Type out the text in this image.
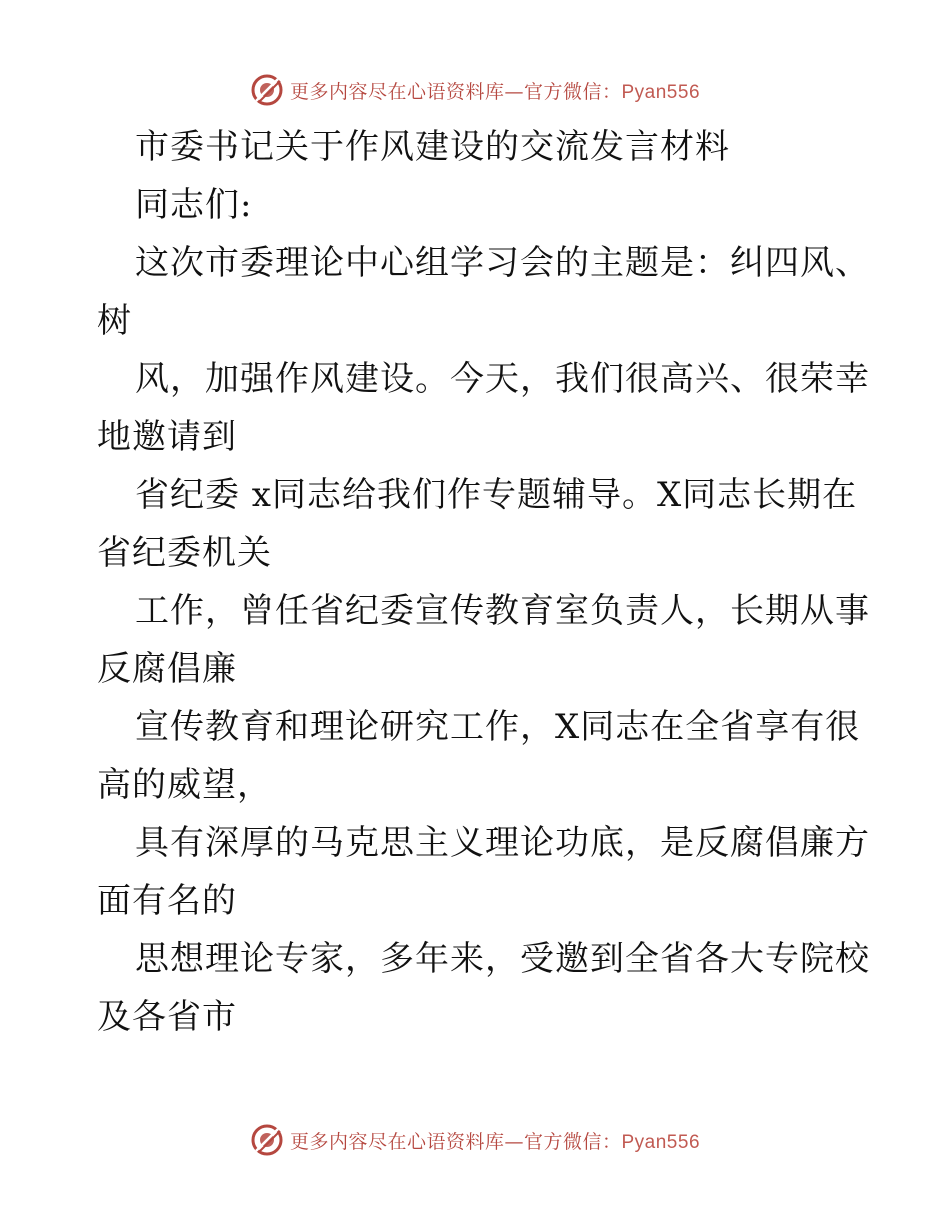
更多内容尽在心语资料库—官方微信：Pyan556
市委书记关于作风建设的交流发言材料
同志们:
这次市委理论中心组学习会的主题是：纠四风、
树
风，加强作风建设。今天，我们很高兴、很荣幸
地邀请到
省纪委 x同志给我们作专题辅导。X同志长期在
省纪委机关
工作，曾任省纪委宣传教育室负责人，长期从事
反腐倡廉
宣传教育和理论研究工作，X同志在全省享有很
高的威望，
具有深厚的马克思主义理论功底，是反腐倡廉方
面有名的
思想理论专家，多年来，受邀到全省各大专院校
及各省市
更多内容尽在心语资料库—官方微信：Pyan556
